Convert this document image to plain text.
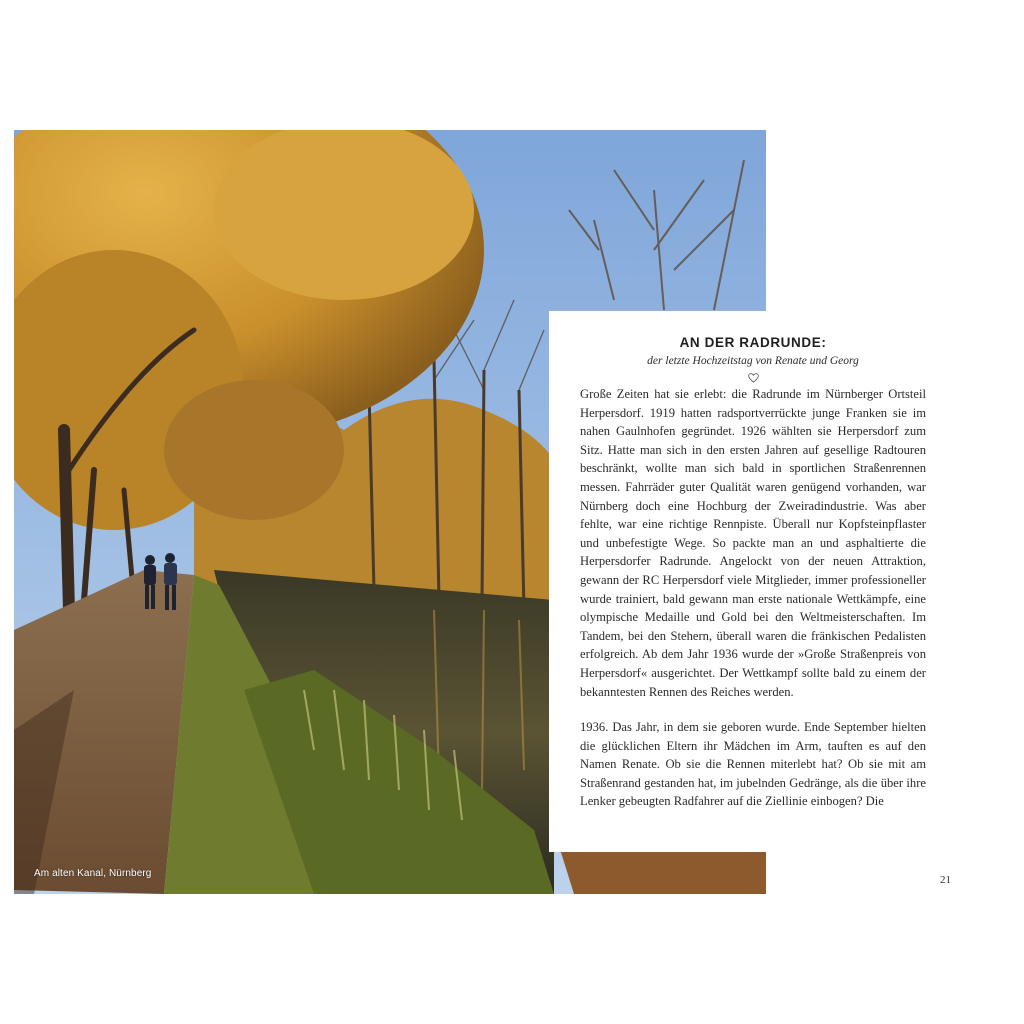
Am alten Kanal, Nürnberg
AN DER RADRUNDE:

der letzte Hochzeitstag von Renate und Georg

Große Zeiten hat sie erlebt: die Radrunde im Nürnberger Ortsteil Herpersdorf. 1919 hatten radsportverrückte junge Franken sie im nahen Gaulnhofen gegründet. 1926 wählten sie Herpersdorf zum Sitz. Hatte man sich in den ersten Jahren auf gesellige Radtouren beschränkt, wollte man sich bald in sportlichen Straßenrennen messen. Fahrräder guter Qualität waren genügend vorhanden, war Nürnberg doch eine Hochburg der Zweiradindustrie. Was aber fehlte, war eine richtige Rennpiste. Überall nur Kopfsteinpflaster und unbefestigte Wege. So packte man an und asphaltierte die Herpersdorfer Radrunde. Angelockt von der neuen Attraktion, gewann der RC Herpersdorf viele Mitglieder, immer professioneller wurde trainiert, bald gewann man erste nationale Wettkämpfe, eine olympische Medaille und Gold bei den Weltmeisterschaften. Im Tandem, bei den Stehern, überall waren die fränkischen Pedalisten erfolgreich. Ab dem Jahr 1936 wurde der »Große Straßenpreis von Herpersdorf« ausgerichtet. Der Wettkampf sollte bald zu einem der bekanntesten Rennen des Reiches werden.

1936. Das Jahr, in dem sie geboren wurde. Ende September hielten die glücklichen Eltern ihr Mädchen im Arm, tauften es auf den Namen Renate. Ob sie die Rennen miterlebt hat? Ob sie mit am Straßenrand gestanden hat, im jubelnden Gedränge, als die über ihre Lenker gebeugten Radfahrer auf die Ziellinie einbogen? Die

21
